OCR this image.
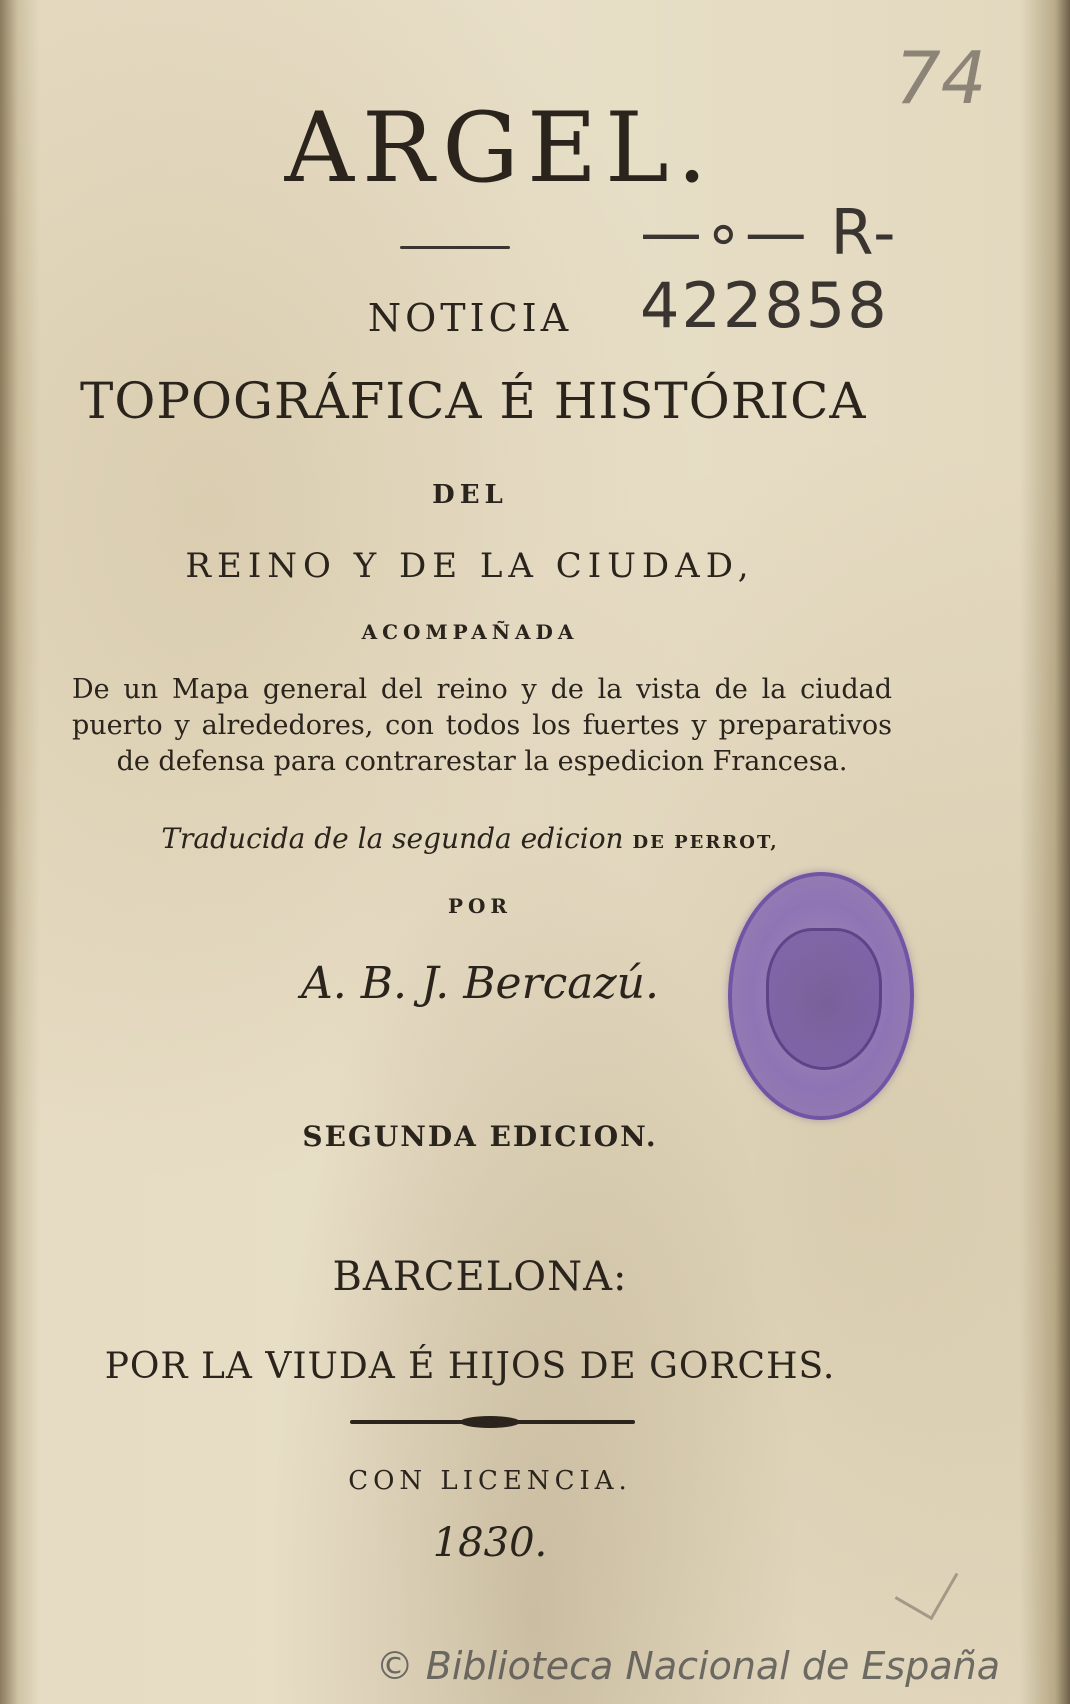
74
ARGEL.
—∘— R-422858
NOTICIA
TOPOGRÁFICA É HISTÓRICA
DEL
REINO Y DE LA CIUDAD,
ACOMPAÑADA
De un Mapa general del reino y de la vista de la ciudad puerto y alrededores, con todos los fuertes y preparativos de defensa para contrarestar la espedicion Francesa.
Traducida de la segunda edicion DE PERROT,
POR
A. B. J. Bercazú.
SEGUNDA EDICION.
BARCELONA:
POR LA VIUDA É HIJOS DE GORCHS.
CON LICENCIA.
1830.
© Biblioteca Nacional de España
